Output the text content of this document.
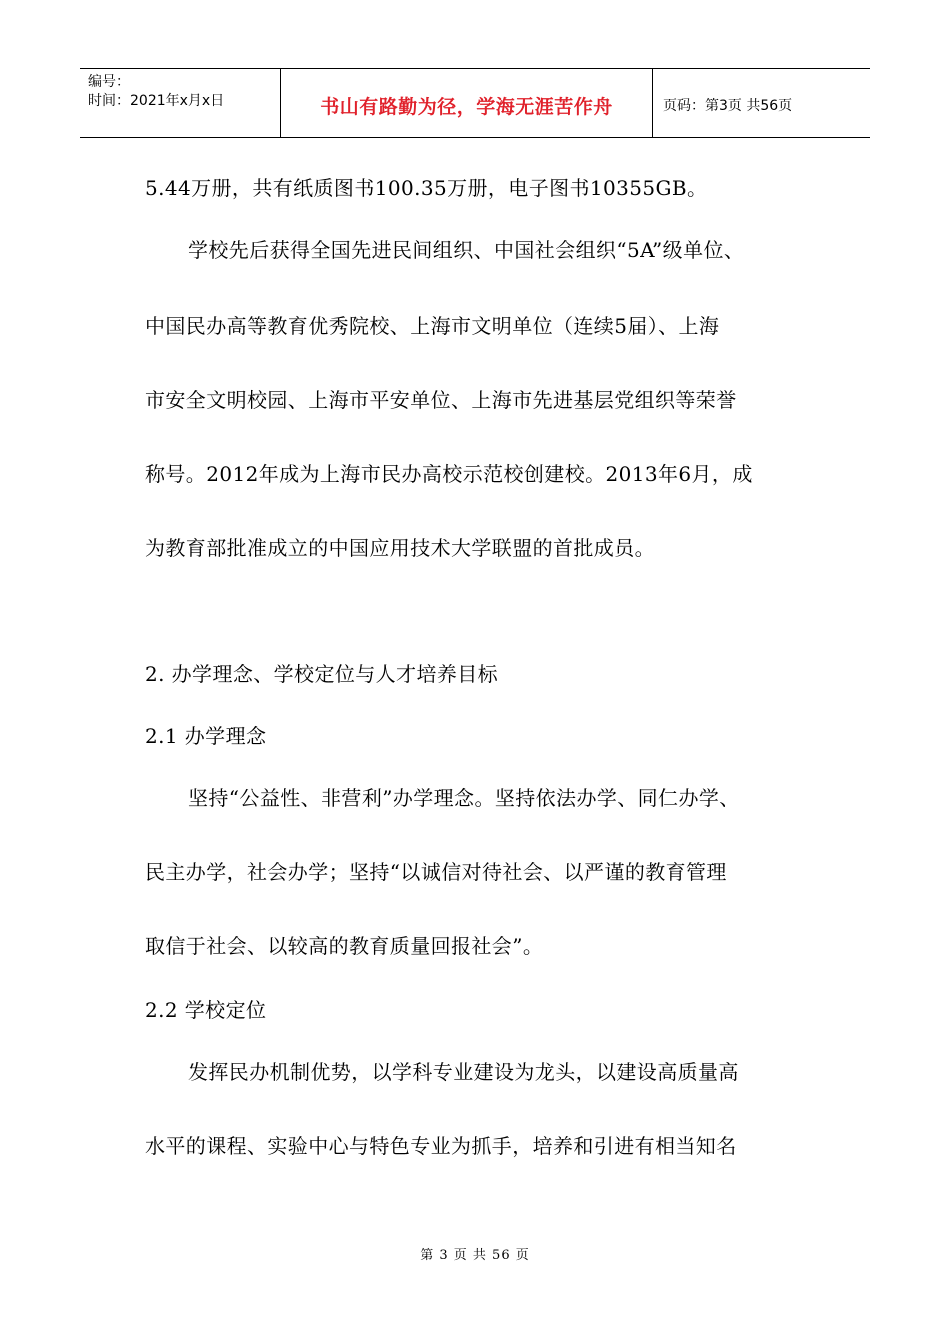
编号：
时间：2021年x月x日	书山有路勤为径，学海无涯苦作舟	页码：第3页 共56页
5.44万册，共有纸质图书100.35万册，电子图书10355GB。
学校先后获得全国先进民间组织、中国社会组织“5A”级单位、
中国民办高等教育优秀院校、上海市文明单位（连续5届）、上海
市安全文明校园、上海市平安单位、上海市先进基层党组织等荣誉
称号。2012年成为上海市民办高校示范校创建校。2013年6月，成
为教育部批准成立的中国应用技术大学联盟的首批成员。
2. 办学理念、学校定位与人才培养目标
2.1 办学理念
坚持“公益性、非营利”办学理念。坚持依法办学、同仁办学、
民主办学，社会办学；坚持“以诚信对待社会、以严谨的教育管理
取信于社会、以较高的教育质量回报社会”。
2.2 学校定位
发挥民办机制优势，以学科专业建设为龙头，以建设高质量高
水平的课程、实验中心与特色专业为抓手，培养和引进有相当知名
第 3 页 共 56 页
